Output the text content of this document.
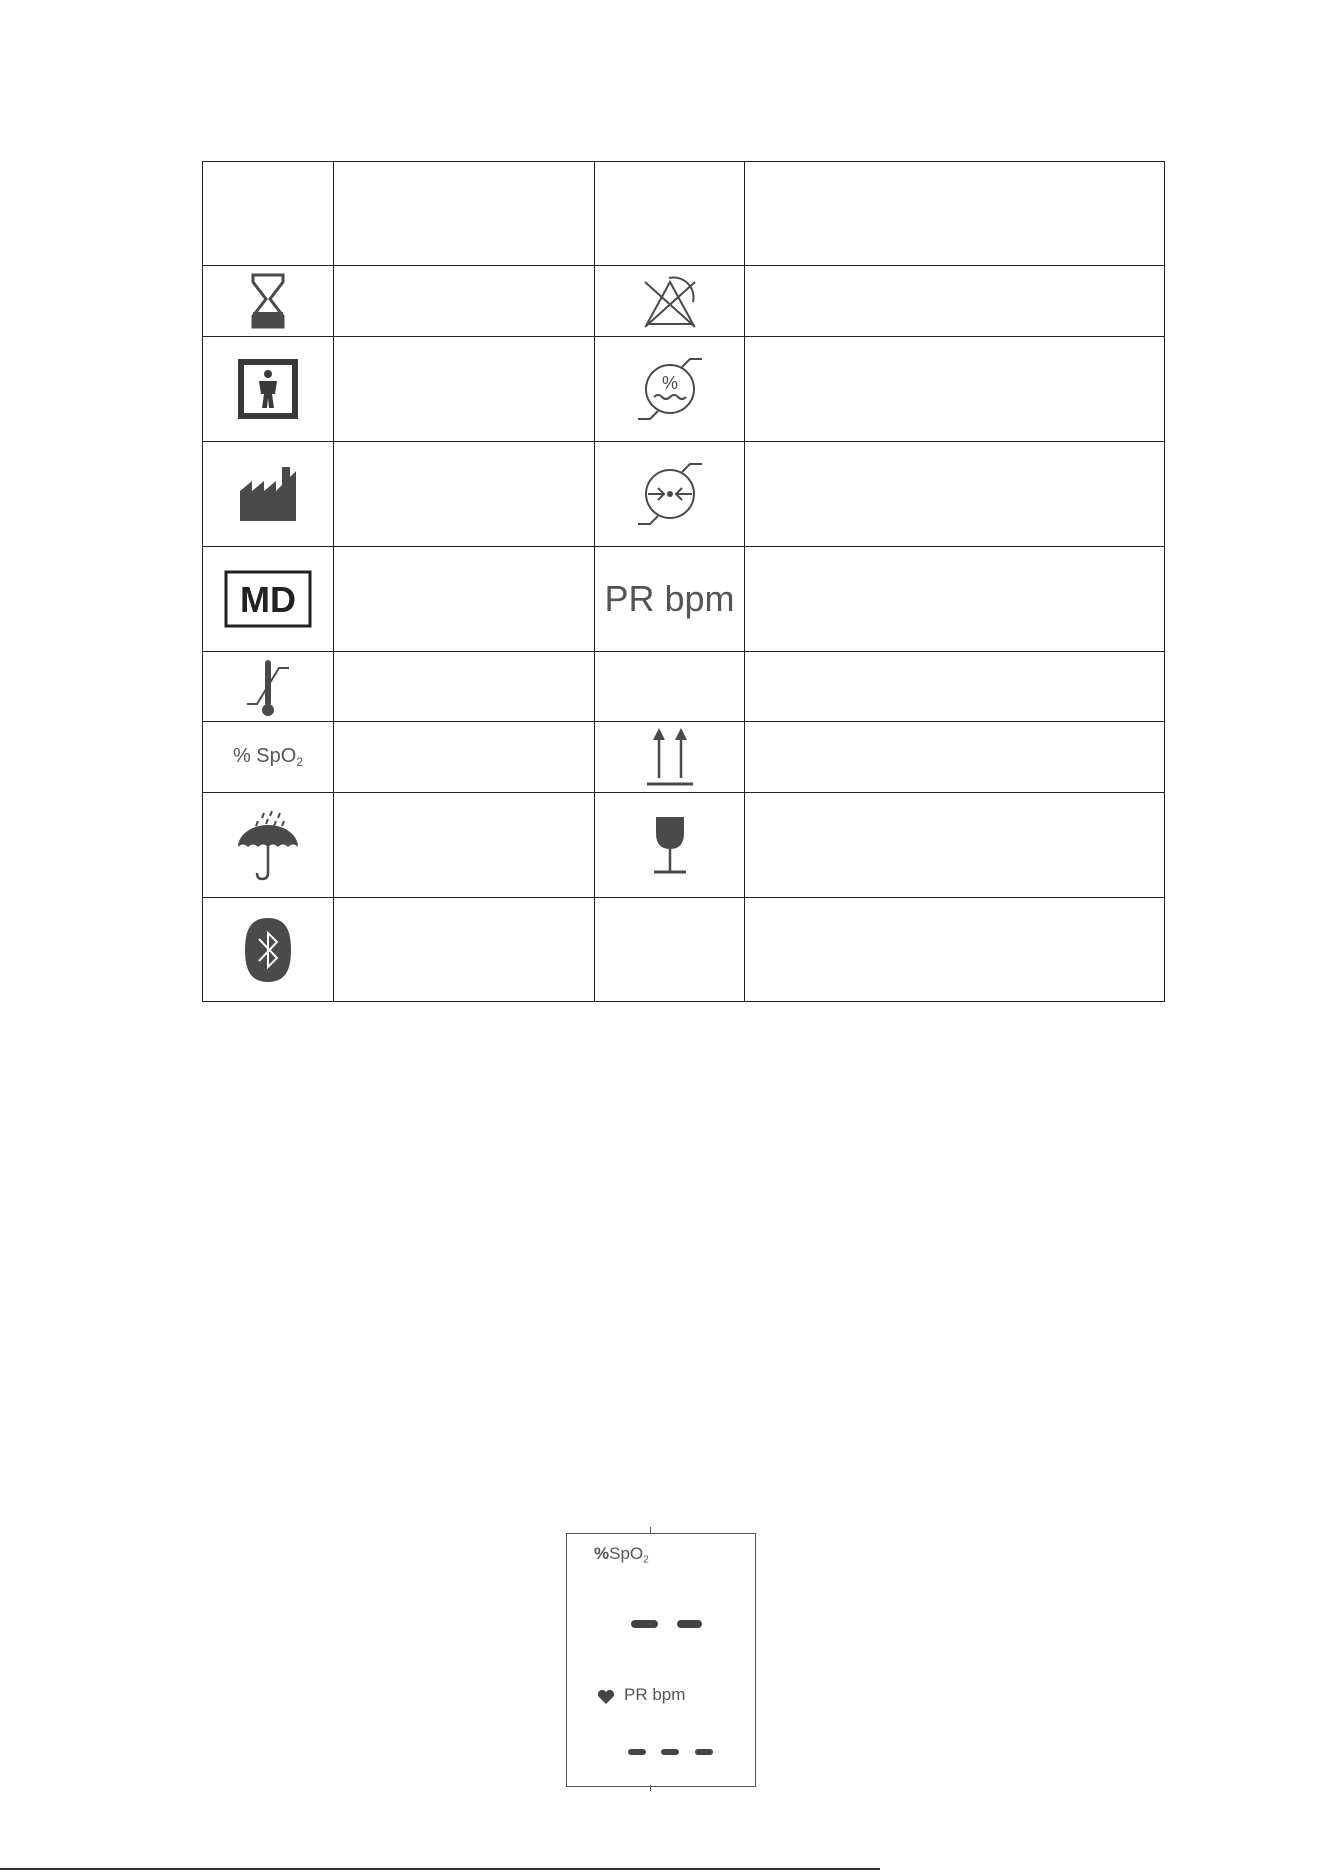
%	

MD		PR bpm	

% SpO$_2$		

%SpO$_2$
PR bpm
